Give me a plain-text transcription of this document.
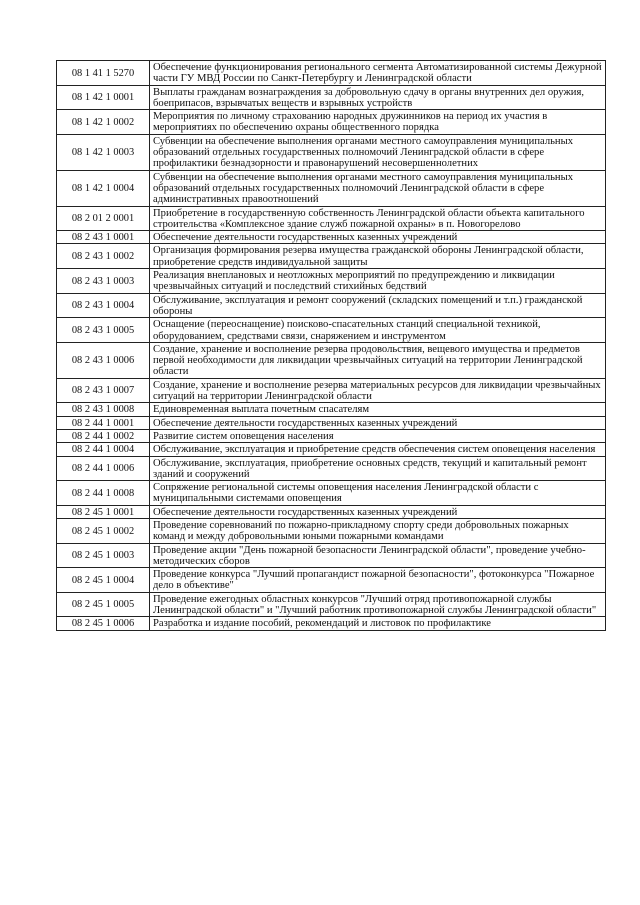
08 1 41 1 5270	Обеспечение функционирования регионального сегмента Автоматизированной системы Дежурной части ГУ МВД России по Санкт-Петербургу и Ленинградской области
08 1 42 1 0001	Выплаты гражданам вознаграждения за добровольную сдачу в органы внутренних дел оружия, боеприпасов, взрывчатых веществ и взрывных устройств
08 1 42 1 0002	Мероприятия по личному страхованию народных дружинников на период их участия в мероприятиях по обеспечению охраны общественного порядка
08 1 42 1 0003	Субвенции на обеспечение выполнения органами местного самоуправления муниципальных образований отдельных государственных полномочий Ленинградской области в сфере профилактики безнадзорности и правонарушений несовершеннолетних
08 1 42 1 0004	Субвенции на обеспечение выполнения органами местного самоуправления муниципальных образований отдельных государственных полномочий Ленинградской области в сфере административных правоотношений
08 2 01 2 0001	Приобретение в государственную собственность Ленинградской области объекта капитального строительства «Комплексное здание служб пожарной охраны» в п. Новогорелово
08 2 43 1 0001	Обеспечение деятельности государственных казенных учреждений
08 2 43 1 0002	Организация формирования резерва имущества гражданской обороны Ленинградской области, приобретение средств индивидуальной защиты
08 2 43 1 0003	Реализация внеплановых и неотложных мероприятий по предупреждению и ликвидации чрезвычайных ситуаций и последствий стихийных бедствий
08 2 43 1 0004	Обслуживание, эксплуатация и ремонт сооружений (складских помещений и т.п.) гражданской обороны
08 2 43 1 0005	Оснащение (переоснащение) поисково-спасательных станций специальной техникой, оборудованием, средствами связи, снаряжением и инструментом
08 2 43 1 0006	Создание, хранение и восполнение резерва продовольствия, вещевого имущества и предметов первой необходимости для ликвидации чрезвычайных ситуаций на территории Ленинградской области
08 2 43 1 0007	Создание, хранение и восполнение резерва материальных ресурсов для ликвидации чрезвычайных ситуаций на территории Ленинградской области
08 2 43 1 0008	Единовременная выплата почетным спасателям
08 2 44 1 0001	Обеспечение деятельности государственных казенных учреждений
08 2 44 1 0002	Развитие систем оповещения населения
08 2 44 1 0004	Обслуживание, эксплуатация и приобретение средств обеспечения систем оповещения населения
08 2 44 1 0006	Обслуживание, эксплуатация, приобретение основных средств, текущий и капитальный ремонт зданий и сооружений
08 2 44 1 0008	Сопряжение региональной системы оповещения населения Ленинградской области с муниципальными системами оповещения
08 2 45 1 0001	Обеспечение деятельности государственных казенных учреждений
08 2 45 1 0002	Проведение соревнований по пожарно-прикладному спорту среди добровольных пожарных команд и между добровольными юными пожарными командами
08 2 45 1 0003	Проведение акции "День пожарной безопасности Ленинградской области", проведение учебно-методических сборов
08 2 45 1 0004	Проведение конкурса "Лучший пропагандист пожарной безопасности", фотоконкурса "Пожарное дело в объективе"
08 2 45 1 0005	Проведение ежегодных областных конкурсов "Лучший отряд противопожарной службы Ленинградской области" и "Лучший работник противопожарной службы Ленинградской области"
08 2 45 1 0006	Разработка и издание пособий, рекомендаций и листовок по профилактике
